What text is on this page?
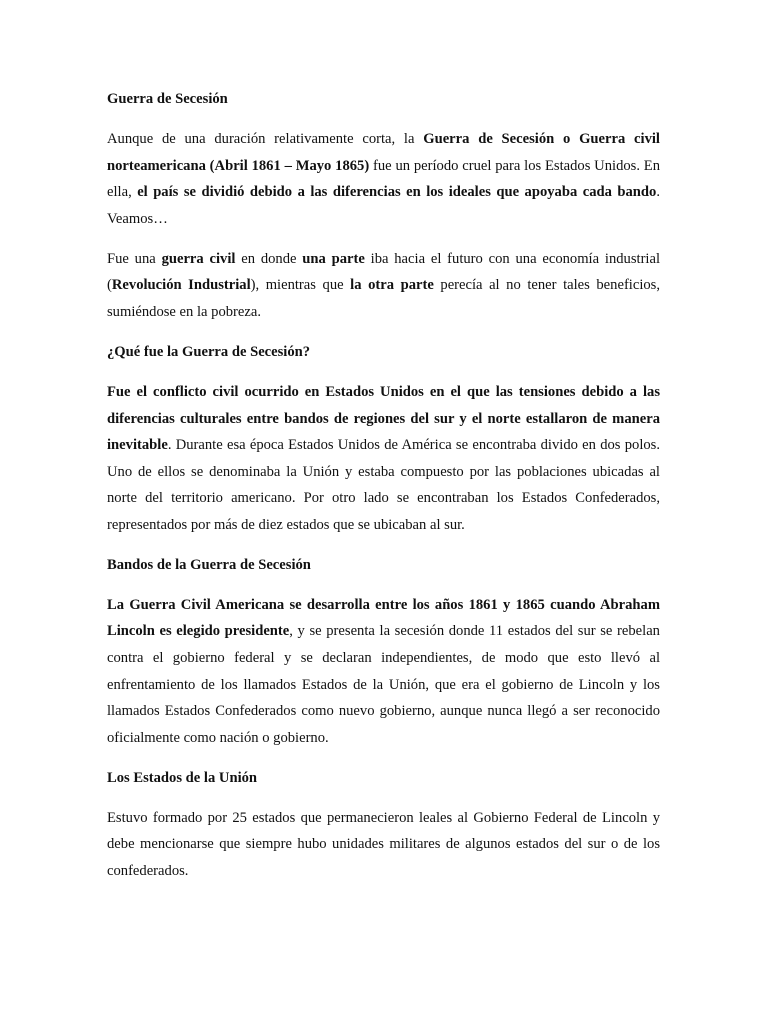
Guerra de Secesión

Aunque de una duración relativamente corta, la Guerra de Secesión o Guerra civil norteamericana (Abril 1861 – Mayo 1865) fue un período cruel para los Estados Unidos. En ella, el país se dividió debido a las diferencias en los ideales que apoyaba cada bando. Veamos…

Fue una guerra civil en donde una parte iba hacia el futuro con una economía industrial (Revolución Industrial), mientras que la otra parte perecía al no tener tales beneficios, sumiéndose en la pobreza.

¿Qué fue la Guerra de Secesión?

Fue el conflicto civil ocurrido en Estados Unidos en el que las tensiones debido a las diferencias culturales entre bandos de regiones del sur y el norte estallaron de manera inevitable. Durante esa época Estados Unidos de América se encontraba divido en dos polos. Uno de ellos se denominaba la Unión y estaba compuesto por las poblaciones ubicadas al norte del territorio americano. Por otro lado se encontraban los Estados Confederados, representados por más de diez estados que se ubicaban al sur.

Bandos de la Guerra de Secesión

La Guerra Civil Americana se desarrolla entre los años 1861 y 1865 cuando Abraham Lincoln es elegido presidente, y se presenta la secesión donde 11 estados del sur se rebelan contra el gobierno federal y se declaran independientes, de modo que esto llevó al enfrentamiento de los llamados Estados de la Unión, que era el gobierno de Lincoln y los llamados Estados Confederados como nuevo gobierno, aunque nunca llegó a ser reconocido oficialmente como nación o gobierno.

Los Estados de la Unión

Estuvo formado por 25 estados que permanecieron leales al Gobierno Federal de Lincoln y debe mencionarse que siempre hubo unidades militares de algunos estados del sur o de los confederados.
